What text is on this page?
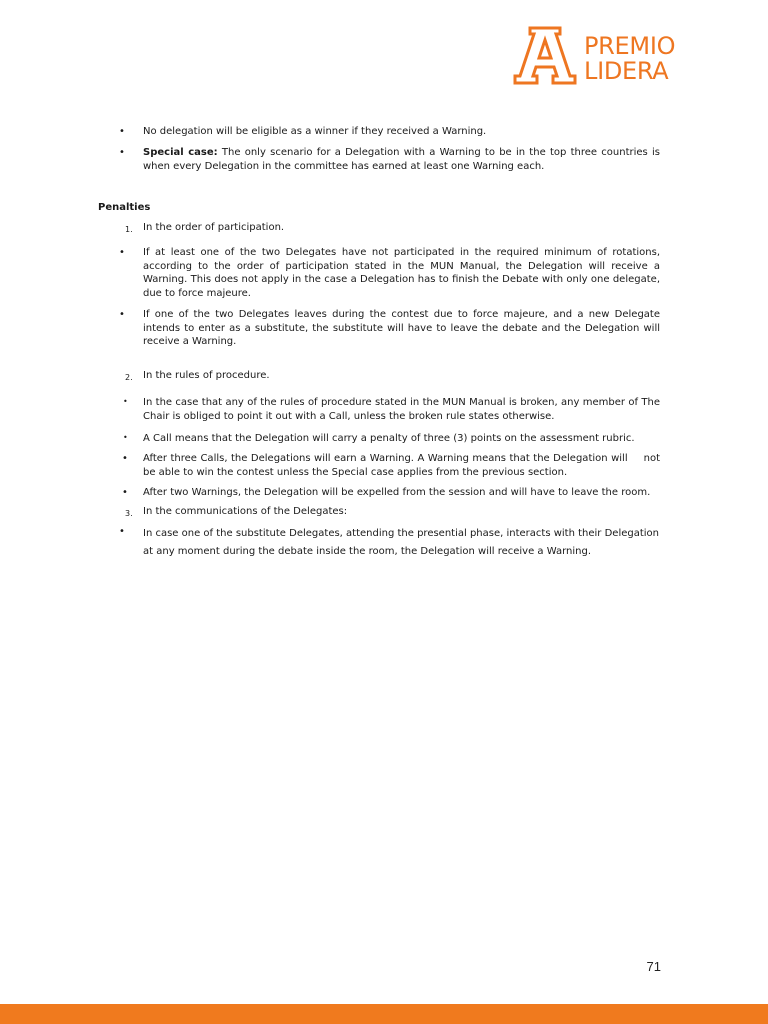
PREMIO
LIDERA
• No delegation will be eligible as a winner if they received a Warning.
• Special case: The only scenario for a Delegation with a Warning to be in the top three countries is when every Delegation in the committee has earned at least one Warning each.
Penalties
1. In the order of participation.
• If at least one of the two Delegates have not participated in the required minimum of rotations, according to the order of participation stated in the MUN Manual, the Delegation will receive a Warning. This does not apply in the case a Delegation has to finish the Debate with only one delegate, due to force majeure.
• If one of the two Delegates leaves during the contest due to force majeure, and a new Delegate intends to enter as a substitute, the substitute will have to leave the debate and the Delegation will receive a Warning.
2. In the rules of procedure.
• In the case that any of the rules of procedure stated in the MUN Manual is broken, any member of The Chair is obliged to point it out with a Call, unless the broken rule states otherwise.
• A Call means that the Delegation will carry a penalty of three (3) points on the assessment rubric.
• After three Calls, the Delegations will earn a Warning. A Warning means that the Delegation will not be able to win the contest unless the Special case applies from the previous section.
• After two Warnings, the Delegation will be expelled from the session and will have to leave the room.
3. In the communications of the Delegates:
• In case one of the substitute Delegates, attending the presential phase, interacts with their Delegation
at any moment during the debate inside the room, the Delegation will receive a Warning.
71
